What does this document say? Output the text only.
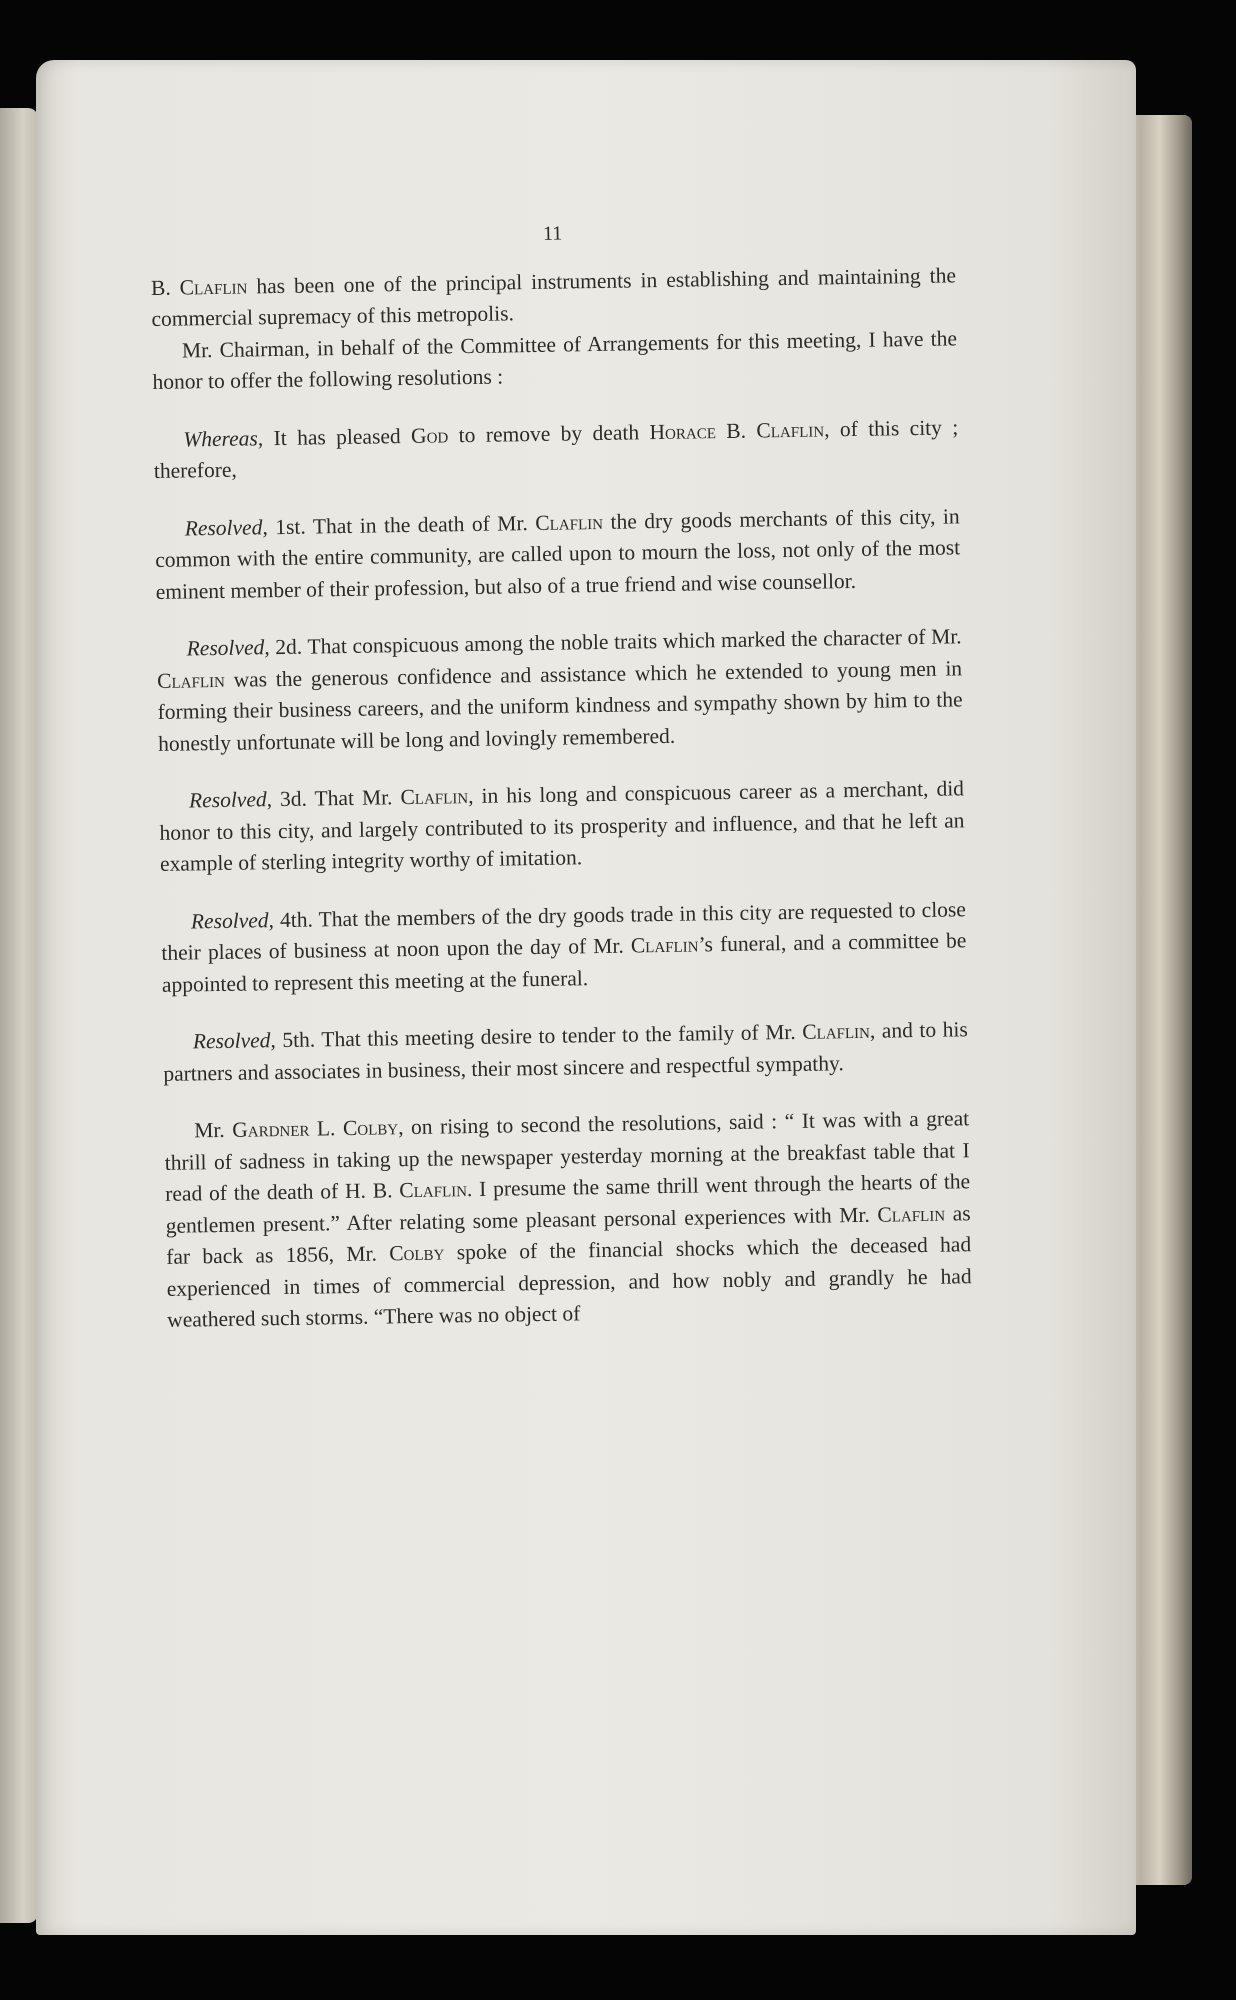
11

B. Claflin has been one of the principal instruments in establishing and maintaining the commercial supremacy of this metropolis.

Mr. Chairman, in behalf of the Committee of Arrangements for this meeting, I have the honor to offer the following resolutions :

Whereas, It has pleased God to remove by death Horace B. Claflin, of this city ; therefore,

Resolved, 1st. That in the death of Mr. Claflin the dry goods merchants of this city, in common with the entire community, are called upon to mourn the loss, not only of the most eminent member of their profession, but also of a true friend and wise counsellor.

Resolved, 2d. That conspicuous among the noble traits which marked the character of Mr. Claflin was the generous confidence and assistance which he extended to young men in forming their business careers, and the uniform kindness and sympathy shown by him to the honestly unfortunate will be long and lovingly remembered.

Resolved, 3d. That Mr. Claflin, in his long and conspicuous career as a merchant, did honor to this city, and largely contributed to its prosperity and influence, and that he left an example of sterling integrity worthy of imitation.

Resolved, 4th. That the members of the dry goods trade in this city are requested to close their places of business at noon upon the day of Mr. Claflin’s funeral, and a committee be appointed to represent this meeting at the funeral.

Resolved, 5th. That this meeting desire to tender to the family of Mr. Claflin, and to his partners and associates in business, their most sincere and respectful sympathy.

Mr. Gardner L. Colby, on rising to second the resolutions, said : “ It was with a great thrill of sadness in taking up the newspaper yesterday morning at the breakfast table that I read of the death of H. B. Claflin. I presume the same thrill went through the hearts of the gentlemen present.” After relating some pleasant personal experiences with Mr. Claflin as far back as 1856, Mr. Colby spoke of the financial shocks which the deceased had experienced in times of commercial depression, and how nobly and grandly he had weathered such storms. “There was no object of
